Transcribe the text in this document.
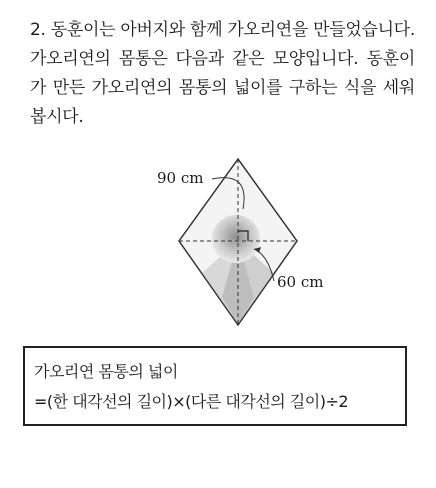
2. 동훈이는 아버지와 함께 가오리연을 만들었습니다. 가오리연의 몸통은 다음과 같은 모양입니다. 동훈이가 만든 가오리연의 몸통의 넓이를 구하는 식을 세워봅시다.
90 cm
60 cm
가오리연 몸통의 넓이
=(한 대각선의 길이)×(다른 대각선의 길이)÷2
